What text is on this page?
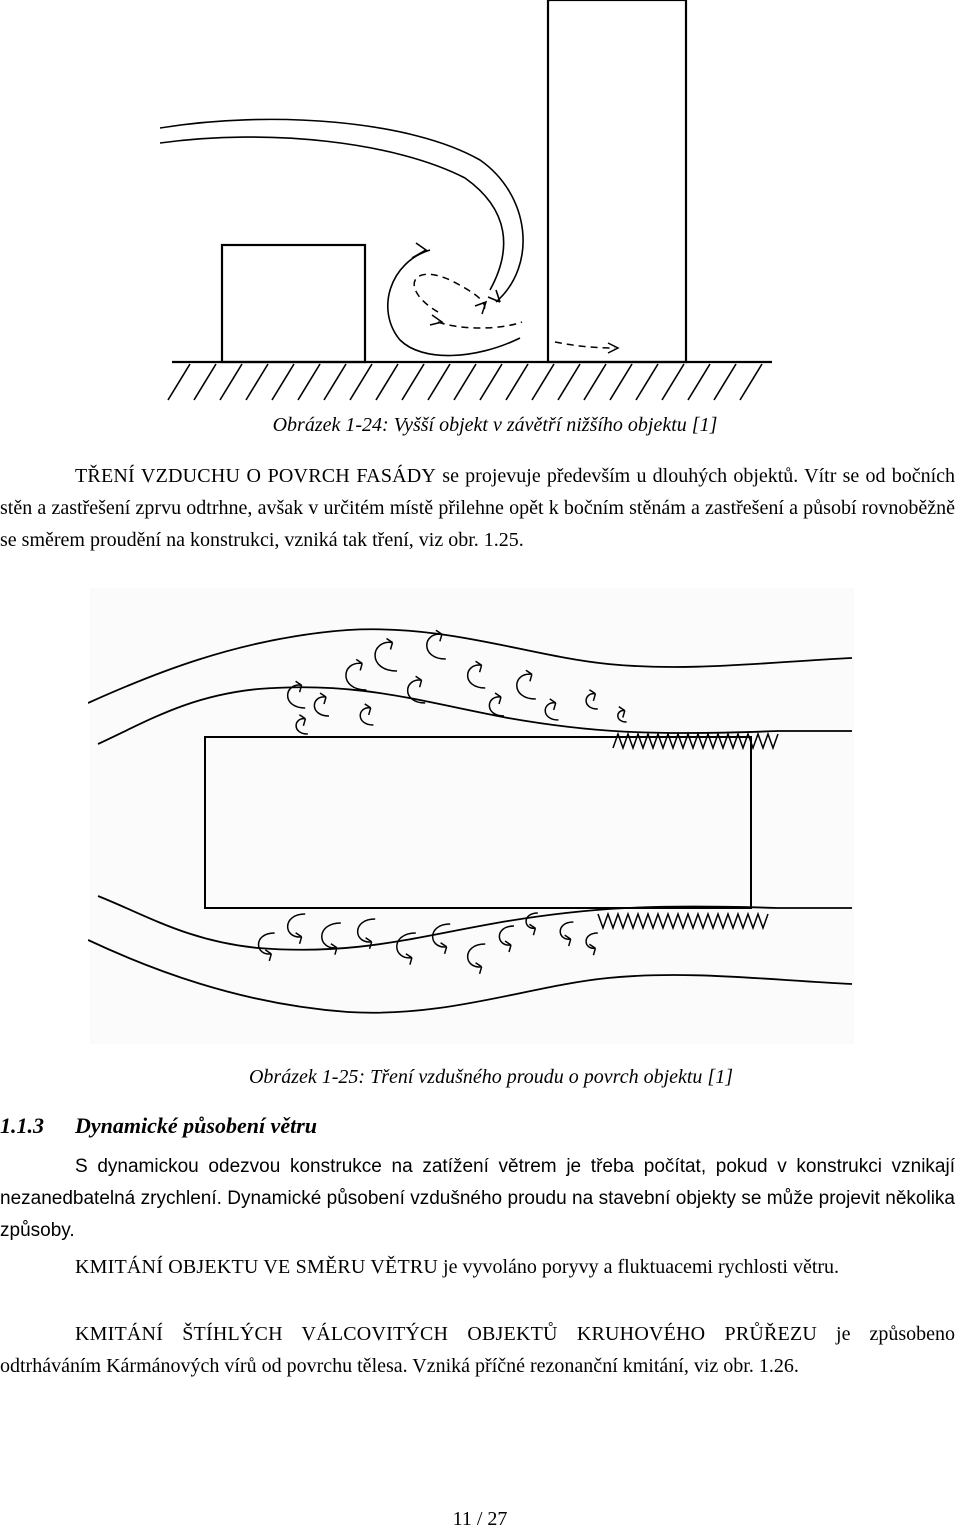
Obrázek 1-24: Vyšší objekt v závětří nižšího objektu [1]

TŘENÍ VZDUCHU O POVRCH FASÁDY se projevuje především u dlouhých objektů. Vítr se od bočních stěn a zastřešení zprvu odtrhne, avšak v určitém místě přilehne opět k bočním stěnám a zastřešení a působí rovnoběžně se směrem proudění na konstrukci, vzniká tak tření, viz obr. 1.25.

Obrázek 1-25: Tření vzdušného proudu o povrch objektu [1]
1.1.3 Dynamické působení větru

S dynamickou odezvou konstrukce na zatížení větrem je třeba počítat, pokud v konstrukci vznikají nezanedbatelná zrychlení. Dynamické působení vzdušného proudu na stavební objekty se může projevit několika způsoby.

KMITÁNÍ OBJEKTU VE SMĚRU VĚTRU je vyvoláno poryvy a fluktuacemi rychlosti větru.

KMITÁNÍ ŠTÍHLÝCH VÁLCOVITÝCH OBJEKTŮ KRUHOVÉHO PRŮŘEZU je způsobeno odtrháváním Kármánových vírů od povrchu tělesa. Vzniká příčné rezonanční kmitání, viz obr. 1.26.

11 / 27
